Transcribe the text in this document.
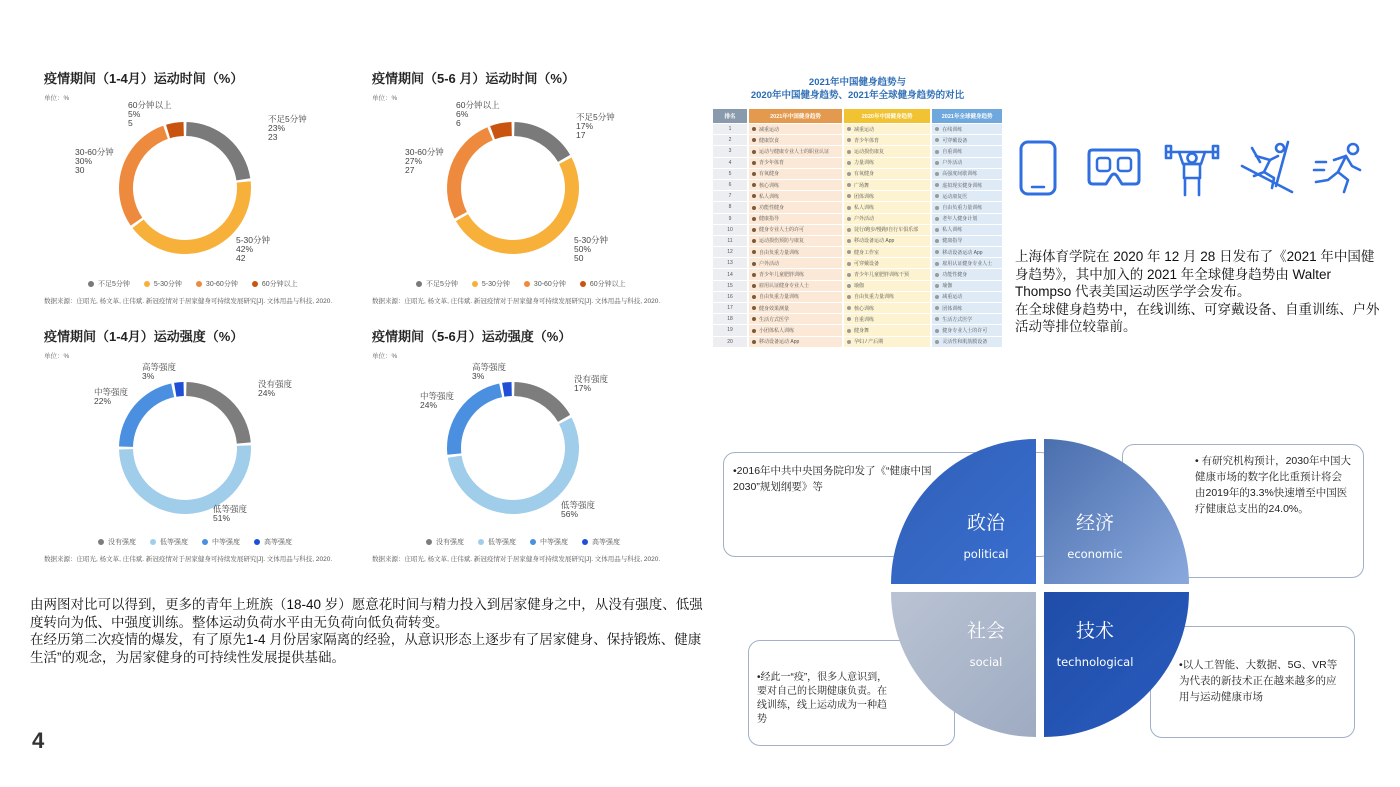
疫情期间（1-4月）运动时间（%）
单位：%
不足5分钟 23% 23
5-30分钟 42% 42
30-60分钟 30% 30
60分钟以上 5% 5
不足5分钟	5-30分钟	30-60分钟	60分钟以上
数据来源：庄昭光, 杨文革, 庄伟斌. 新冠疫情对于居家健身可持续发展研究[J]. 文体用品与科技, 2020.
疫情期间（5-6 月）运动时间（%）
单位：%
不足5分钟 17% 17
5-30分钟 50% 50
30-60分钟 27% 27
60分钟以上 6% 6
不足5分钟	5-30分钟	30-60分钟	60分钟以上
数据来源：庄昭光, 杨文革, 庄伟斌. 新冠疫情对于居家健身可持续发展研究[J]. 文体用品与科技, 2020.
疫情期间（1-4月）运动强度（%）
单位：%
没有强度 24%
低等强度 51%
中等强度 22%
高等强度 3%
没有强度	低等强度	中等强度	高等强度
数据来源：庄昭光, 杨文革, 庄伟斌. 新冠疫情对于居家健身可持续发展研究[J]. 文体用品与科技, 2020.
疫情期间（5-6月）运动强度（%）
单位：%
没有强度 17%
低等强度 56%
中等强度 24%
高等强度 3%
没有强度	低等强度	中等强度	高等强度
数据来源：庄昭光, 杨文革, 庄伟斌. 新冠疫情对于居家健身可持续发展研究[J]. 文体用品与科技, 2020.

由两图对比可以得到，更多的青年上班族（18-40 岁）愿意花时间与精力投入到居家健身之中，从没有强度、低强度转向为低、中强度训练。整体运动负荷水平由无负荷向低负荷转变。

在经历第二次疫情的爆发，有了原先1-4 月份居家隔离的经验，从意识形态上逐步有了居家健身、保持锻炼、健康生活”的观念，为居家健身的可持续性发展提供基础。

4
2021年中国健身趋势与
2020年中国健身趋势、2021年全球健身趋势的对比
排名	2021年中国健身趋势	2020年中国健身趋势	2021年全球健身趋势
1	减重运动	减重运动	在线训练
2	健康饮食	青少年体育	可穿戴设备
3	运动与健康专业人士的职业认证	运动损伤康复	自重训练
4	青少年体育	力量训练	户外活动
5	有氧健身	有氧健身	高强度间歇训练
6	核心训练	广场舞	虚拟现实健身训练
7	私人训练	团体训练	运动康复医
8	功能性健身	私人训练	自由负重力量训练
9	健康指导	户外活动	老年人健身计划
10	健身专业人士的许可	徒行/跑步/慢跑/自行车俱乐部	私人训练
11	运动损伤预防与康复	移动设备运动 App	健康指导
12	自由负重力量训练	健身工作室	移动设备运动 App
13	户外活动	可穿戴设备	雇用认证健身专业人士
14	青少年儿童肥胖训练	青少年儿童肥胖训练干预	功能性健身
15	雇用认证健身专业人士	瑜伽	瑜伽
16	自由负重力量训练	自由负重力量训练	减重运动
17	健身效果测量	核心训练	团体训练
18	生活方式医学	自重训练	生活方式医学
19	小团体私人训练	健身舞	健身专业人士的许可
20	移动设备运动 App	孕妇 / 产后期	灵活性和肌筋膜设备

上海体育学院在 2020 年 12 月 28 日发布了《2021 年中国健身趋势》，其中加入的 2021 年全球健身趋势由 Walter Thompso 代表美国运动医学学会发布。

在全球健身趋势中，在线训练、可穿戴设备、自重训练、户外活动等排位较靠前。

•2016年中共中央国务院印发了《“健康中国2030”规划纲要》等
• 有研究机构预计，2030年中国大健康市场的数字化比重预计将会由2019年的3.3%快速增至中国医疗健康总支出的24.0%。
•经此一“疫”，很多人意识到，要对自己的长期健康负责。在线训练，线上运动成为一种趋势
•以人工智能、大数据、5G、VR等为代表的新技术正在越来越多的应用与运动健康市场
政治
political
经济
economic
社会
social
技术
technological
